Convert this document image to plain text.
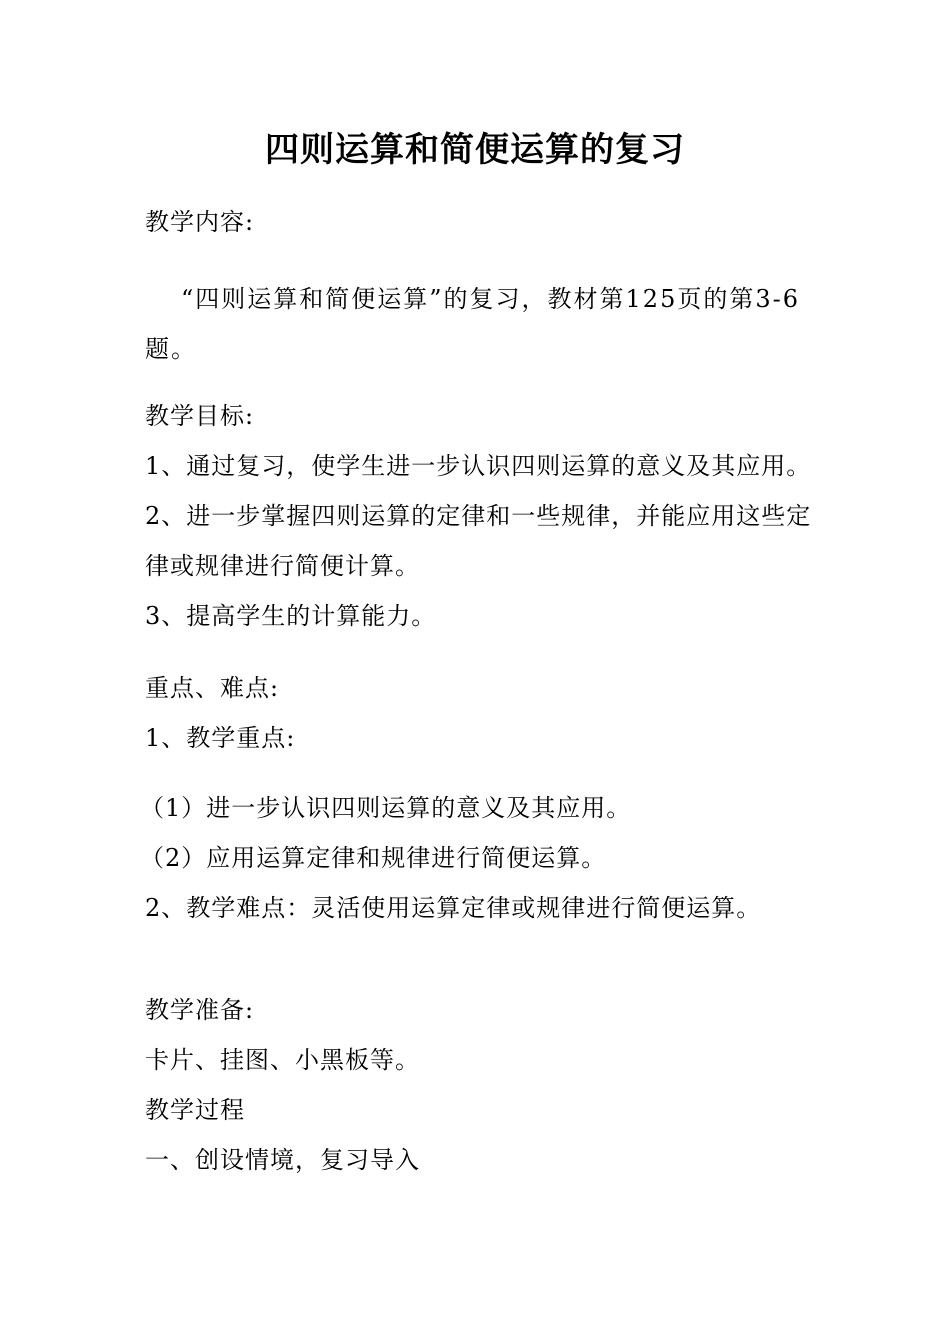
四则运算和简便运算的复习
教学内容:
“四则运算和简便运算”的复习，教材第125页的第3-6题。
教学目标:
1、通过复习，使学生进一步认识四则运算的意义及其应用。
2、进一步掌握四则运算的定律和一些规律，并能应用这些定
律或规律进行简便计算。
3、提高学生的计算能力。
重点、难点:
1、教学重点:
（1）进一步认识四则运算的意义及其应用。
（2）应用运算定律和规律进行简便运算。
2、教学难点：灵活使用运算定律或规律进行简便运算。
教学准备:
卡片、挂图、小黑板等。
教学过程
一、创设情境，复习导入
